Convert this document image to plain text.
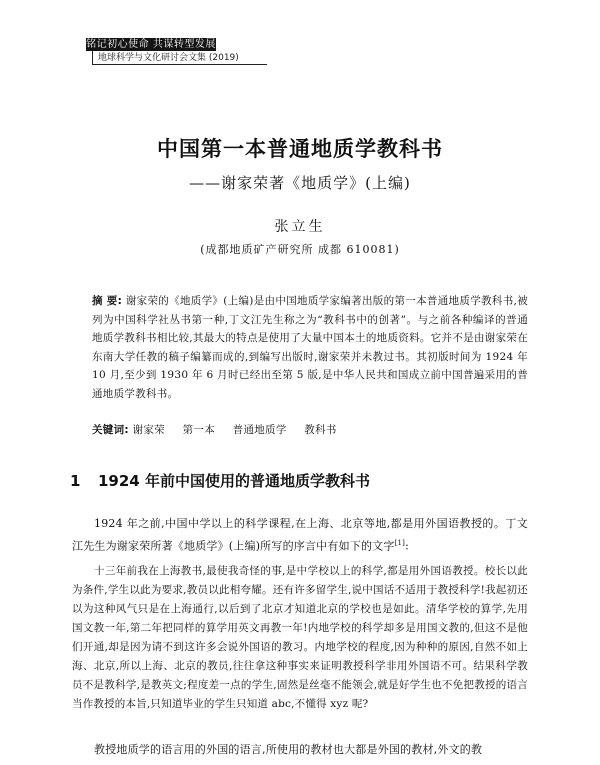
铭记初心使命 共谋转型发展
地球科学与文化研讨会文集 (2019)
中国第一本普通地质学教科书
——谢家荣著《地质学》(上编)
张立生
(成都地质矿产研究所 成都 610081)
摘 要: 谢家荣的《地质学》(上编)是由中国地质学家编著出版的第一本普通地质学教科书,被列为中国科学社丛书第一种,丁文江先生称之为“教科书中的创著”。与之前各种编译的普通地质学教科书相比较,其最大的特点是使用了大量中国本土的地质资料。它并不是由谢家荣在东南大学任教的稿子编纂而成的,到编写出版时,谢家荣并未教过书。其初版时间为 1924 年 10 月,至少到 1930 年 6 月时已经出至第 5 版,是中华人民共和国成立前中国普遍采用的普通地质学教科书。
关键词: 谢家荣 第一本 普通地质学 教科书
1 1924 年前中国使用的普通地质学教科书

1924 年之前,中国中学以上的科学课程,在上海、北京等地,都是用外国语教授的。丁文江先生为谢家荣所著《地质学》(上编)所写的序言中有如下的文字[1]:

十三年前我在上海教书,最使我奇怪的事,是中学校以上的科学,都是用外国语教授。校长以此为条件,学生以此为要求,教员以此相夸耀。还有许多留学生,说中国话不适用于教授科学!我起初还以为这种风气只是在上海通行,以后到了北京才知道北京的学校也是如此。清华学校的算学,先用国文教一年,第二年把同样的算学用英文再教一年!内地学校的科学却多是用国文教的,但这不是他们开通,却是因为请不到这许多会说外国语的教习。内地学校的程度,因为种种的原因,自然不如上海、北京,所以上海、北京的教员,往往拿这种事实来证明教授科学非用外国语不可。结果科学教员不是教科学,是教英文;程度差一点的学生,固然是丝毫不能领会,就是好学生也不免把教授的语言当作教授的本旨,只知道毕业的学生只知道 abc,不懂得 xyz 呢?

教授地质学的语言用的外国的语言,所使用的教材也大都是外国的教材,外文的教
